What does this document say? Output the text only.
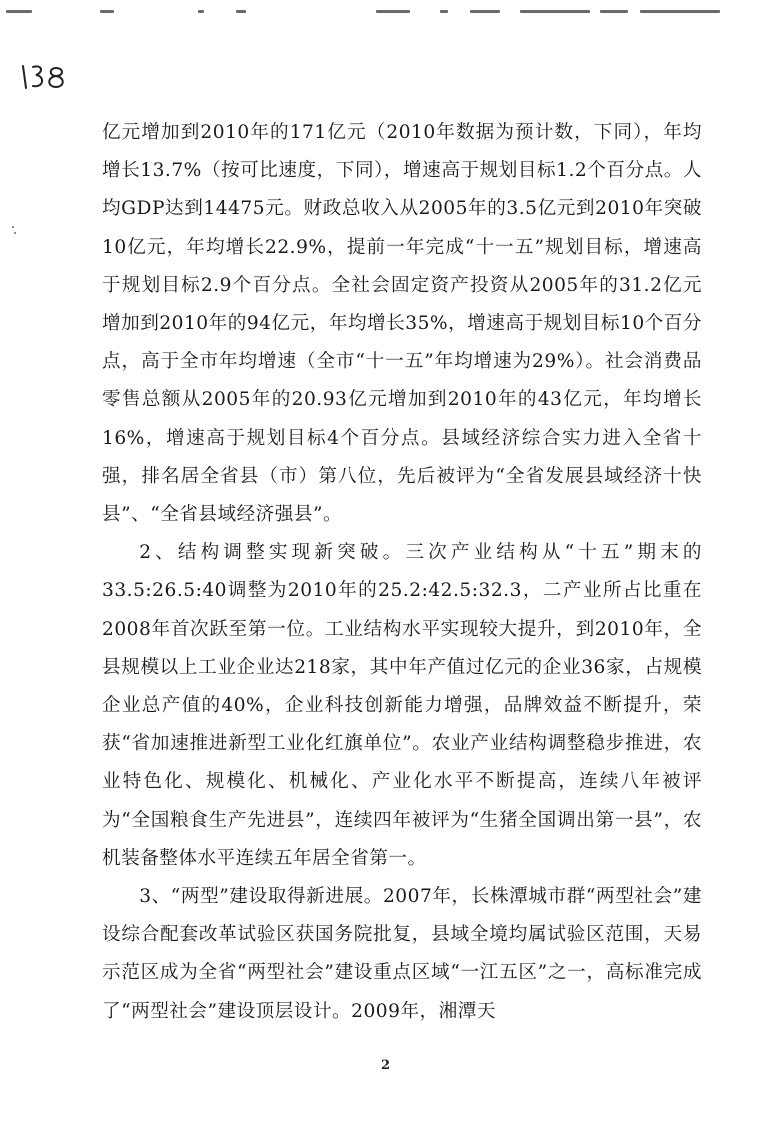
亿元增加到2010年的171亿元（2010年数据为预计数，下同），年均增长13.7%（按可比速度，下同），增速高于规划目标1.2个百分点。人均GDP达到14475元。财政总收入从2005年的3.5亿元到2010年突破10亿元，年均增长22.9%，提前一年完成“十一五”规划目标，增速高于规划目标2.9个百分点。全社会固定资产投资从2005年的31.2亿元增加到2010年的94亿元，年均增长35%，增速高于规划目标10个百分点，高于全市年均增速（全市“十一五”年均增速为29%）。社会消费品零售总额从2005年的20.93亿元增加到2010年的43亿元，年均增长16%，增速高于规划目标4个百分点。县域经济综合实力进入全省十强，排名居全省县（市）第八位，先后被评为“全省发展县域经济十快县”、“全省县域经济强县”。

2、结构调整实现新突破。三次产业结构从“十五”期末的33.5:26.5:40调整为2010年的25.2:42.5:32.3，二产业所占比重在2008年首次跃至第一位。工业结构水平实现较大提升，到2010年，全县规模以上工业企业达218家，其中年产值过亿元的企业36家，占规模企业总产值的40%，企业科技创新能力增强，品牌效益不断提升，荣获“省加速推进新型工业化红旗单位”。农业产业结构调整稳步推进，农业特色化、规模化、机械化、产业化水平不断提高，连续八年被评为“全国粮食生产先进县”，连续四年被评为“生猪全国调出第一县”，农机装备整体水平连续五年居全省第一。

3、“两型”建设取得新进展。2007年，长株潭城市群“两型社会”建设综合配套改革试验区获国务院批复，县域全境均属试验区范围，天易示范区成为全省“两型社会”建设重点区域“一江五区”之一，高标准完成了“两型社会”建设顶层设计。2009年，湘潭天

2
